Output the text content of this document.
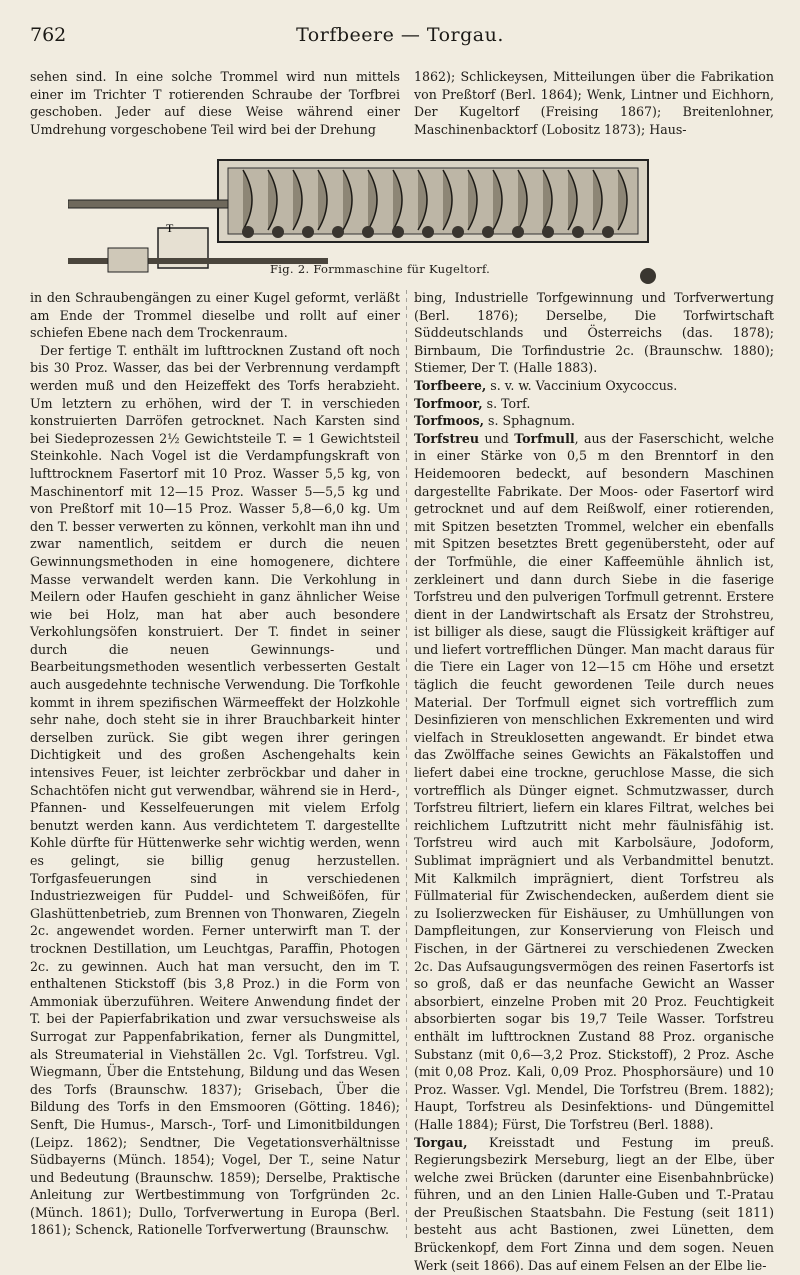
762	Torfbeere — Torgau.

sehen sind. In eine solche Trommel wird nun mittels einer im Trichter T rotierenden Schraube der Torfbrei geschoben. Jeder auf diese Weise während einer Umdrehung vorgeschobene Teil wird bei der Drehung

1862); Schlickeysen, Mitteilungen über die Fabrikation von Preßtorf (Berl. 1864); Wenk, Lintner und Eichhorn, Der Kugeltorf (Freising 1867); Breitenlohner, Maschinenbacktorf (Lobositz 1873); Haus-

T
Fig. 2. Formmaschine für Kugeltorf.

in den Schraubengängen zu einer Kugel geformt, verläßt am Ende der Trommel dieselbe und rollt auf einer schiefen Ebene nach dem Trockenraum.

Der fertige T. enthält im lufttrocknen Zustand oft noch bis 30 Proz. Wasser, das bei der Verbrennung verdampft werden muß und den Heizeffekt des Torfs herabzieht. Um letztern zu erhöhen, wird der T. in verschieden konstruierten Darröfen getrocknet. Nach Karsten sind bei Siedeprozessen 2½ Gewichtsteile T. = 1 Gewichtsteil Steinkohle. Nach Vogel ist die Verdampfungskraft von lufttrocknem Fasertorf mit 10 Proz. Wasser 5,5 kg, von Maschinentorf mit 12—15 Proz. Wasser 5—5,5 kg und von Preßtorf mit 10—15 Proz. Wasser 5,8—6,0 kg. Um den T. besser verwerten zu können, verkohlt man ihn und zwar namentlich, seitdem er durch die neuen Gewinnungsmethoden in eine homogenere, dichtere Masse verwandelt werden kann. Die Verkohlung in Meilern oder Haufen geschieht in ganz ähnlicher Weise wie bei Holz, man hat aber auch besondere Verkohlungsöfen konstruiert. Der T. findet in seiner durch die neuen Gewinnungs- und Bearbeitungsmethoden wesentlich verbesserten Gestalt auch ausgedehnte technische Verwendung. Die Torfkohle kommt in ihrem spezifischen Wärmeeffekt der Holzkohle sehr nahe, doch steht sie in ihrer Brauchbarkeit hinter derselben zurück. Sie gibt wegen ihrer geringen Dichtigkeit und des großen Aschengehalts kein intensives Feuer, ist leichter zerbröckbar und daher in Schachtöfen nicht gut verwendbar, während sie in Herd-, Pfannen- und Kesselfeuerungen mit vielem Erfolg benutzt werden kann. Aus verdichtetem T. dargestellte Kohle dürfte für Hüttenwerke sehr wichtig werden, wenn es gelingt, sie billig genug herzustellen. Torfgasfeuerungen sind in verschiedenen Industriezweigen für Puddel- und Schweißöfen, für Glashüttenbetrieb, zum Brennen von Thonwaren, Ziegeln 2c. angewendet worden. Ferner unterwirft man T. der trocknen Destillation, um Leuchtgas, Paraffin, Photogen 2c. zu gewinnen. Auch hat man versucht, den im T. enthaltenen Stickstoff (bis 3,8 Proz.) in die Form von Ammoniak überzuführen. Weitere Anwendung findet der T. bei der Papierfabrikation und zwar versuchsweise als Surrogat zur Pappenfabrikation, ferner als Dungmittel, als Streumaterial in Viehställen 2c. Vgl. Torfstreu. Vgl. Wiegmann, Über die Entstehung, Bildung und das Wesen des Torfs (Braunschw. 1837); Grisebach, Über die Bildung des Torfs in den Emsmooren (Götting. 1846); Senft, Die Humus-, Marsch-, Torf- und Limonitbildungen (Leipz. 1862); Sendtner, Die Vegetationsverhältnisse Südbayerns (Münch. 1854); Vogel, Der T., seine Natur und Bedeutung (Braunschw. 1859); Derselbe, Praktische Anleitung zur Wertbestimmung von Torfgründen 2c. (Münch. 1861); Dullo, Torfverwertung in Europa (Berl. 1861); Schenck, Rationelle Torfverwertung (Braunschw.

bing, Industrielle Torfgewinnung und Torfverwertung (Berl. 1876); Derselbe, Die Torfwirtschaft Süddeutschlands und Österreichs (das. 1878); Birnbaum, Die Torfindustrie 2c. (Braunschw. 1880); Stiemer, Der T. (Halle 1883).

Torfbeere, s. v. w. Vaccinium Oxycoccus.

Torfmoor, s. Torf.

Torfmoos, s. Sphagnum.

Torfstreu und Torfmull, aus der Faserschicht, welche in einer Stärke von 0,5 m den Brenntorf in den Heidemooren bedeckt, auf besondern Maschinen dargestellte Fabrikate. Der Moos- oder Fasertorf wird getrocknet und auf dem Reißwolf, einer rotierenden, mit Spitzen besetzten Trommel, welcher ein ebenfalls mit Spitzen besetztes Brett gegenübersteht, oder auf der Torfmühle, die einer Kaffeemühle ähnlich ist, zerkleinert und dann durch Siebe in die faserige Torfstreu und den pulverigen Torfmull getrennt. Erstere dient in der Landwirtschaft als Ersatz der Strohstreu, ist billiger als diese, saugt die Flüssigkeit kräftiger auf und liefert vortrefflichen Dünger. Man macht daraus für die Tiere ein Lager von 12—15 cm Höhe und ersetzt täglich die feucht gewordenen Teile durch neues Material. Der Torfmull eignet sich vortrefflich zum Desinfizieren von menschlichen Exkrementen und wird vielfach in Streuklosetten angewandt. Er bindet etwa das Zwölffache seines Gewichts an Fäkalstoffen und liefert dabei eine trockne, geruchlose Masse, die sich vortrefflich als Dünger eignet. Schmutzwasser, durch Torfstreu filtriert, liefern ein klares Filtrat, welches bei reichlichem Luftzutritt nicht mehr fäulnisfähig ist. Torfstreu wird auch mit Karbolsäure, Jodoform, Sublimat imprägniert und als Verbandmittel benutzt. Mit Kalkmilch imprägniert, dient Torfstreu als Füllmaterial für Zwischendecken, außerdem dient sie zu Isolierzwecken für Eishäuser, zu Umhüllungen von Dampfleitungen, zur Konservierung von Fleisch und Fischen, in der Gärtnerei zu verschiedenen Zwecken 2c. Das Aufsaugungsvermögen des reinen Fasertorfs ist so groß, daß er das neunfache Gewicht an Wasser absorbiert, einzelne Proben mit 20 Proz. Feuchtigkeit absorbierten sogar bis 19,7 Teile Wasser. Torfstreu enthält im lufttrocknen Zustand 88 Proz. organische Substanz (mit 0,6—3,2 Proz. Stickstoff), 2 Proz. Asche (mit 0,08 Proz. Kali, 0,09 Proz. Phosphorsäure) und 10 Proz. Wasser. Vgl. Mendel, Die Torfstreu (Brem. 1882); Haupt, Torfstreu als Desinfektions- und Düngemittel (Halle 1884); Fürst, Die Torfstreu (Berl. 1888).

Torgau, Kreisstadt und Festung im preuß. Regierungsbezirk Merseburg, liegt an der Elbe, über welche zwei Brücken (darunter eine Eisenbahnbrücke) führen, und an den Linien Halle-Guben und T.-Pratau der Preußischen Staatsbahn. Die Festung (seit 1811) besteht aus acht Bastionen, zwei Lünetten, dem Brückenkopf, dem Fort Zinna und dem sogen. Neuen Werk (seit 1866). Das auf einem Felsen an der Elbe lie-
